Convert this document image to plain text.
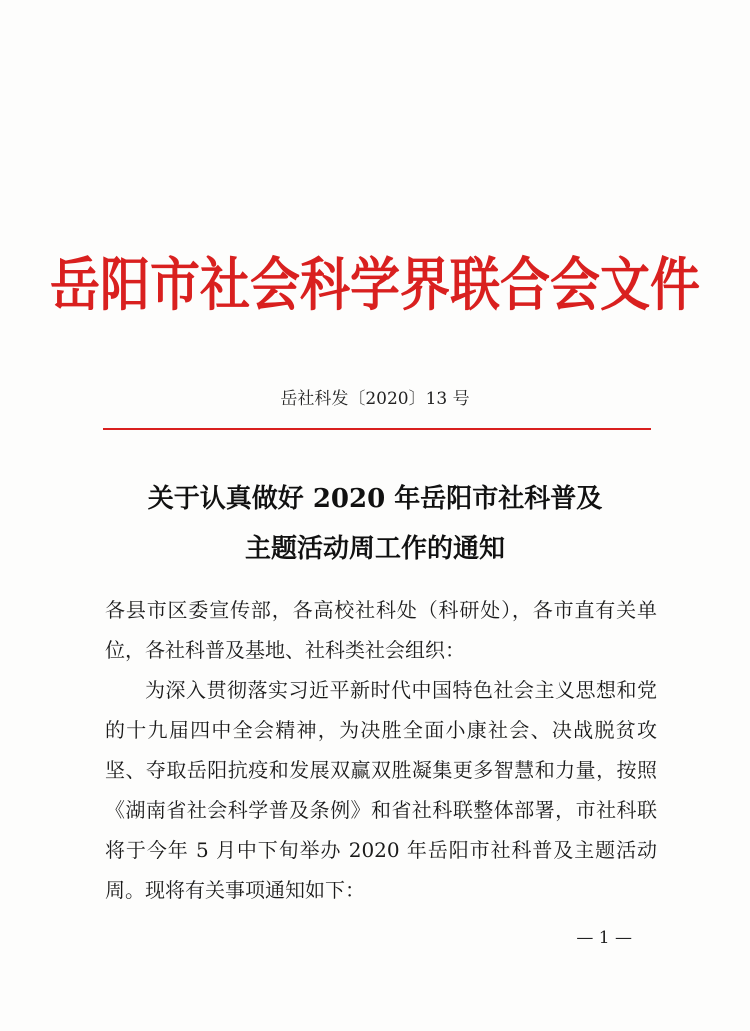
岳阳市社会科学界联合会文件
岳社科发〔2020〕13 号
关于认真做好 2020 年岳阳市社科普及
主题活动周工作的通知

各县市区委宣传部，各高校社科处（科研处），各市直有关单位，各社科普及基地、社科类社会组织：

为深入贯彻落实习近平新时代中国特色社会主义思想和党的十九届四中全会精神，为决胜全面小康社会、决战脱贫攻坚、夺取岳阳抗疫和发展双赢双胜凝集更多智慧和力量，按照《湖南省社会科学普及条例》和省社科联整体部署，市社科联将于今年 5 月中下旬举办 2020 年岳阳市社科普及主题活动周。现将有关事项通知如下：

— 1 —
